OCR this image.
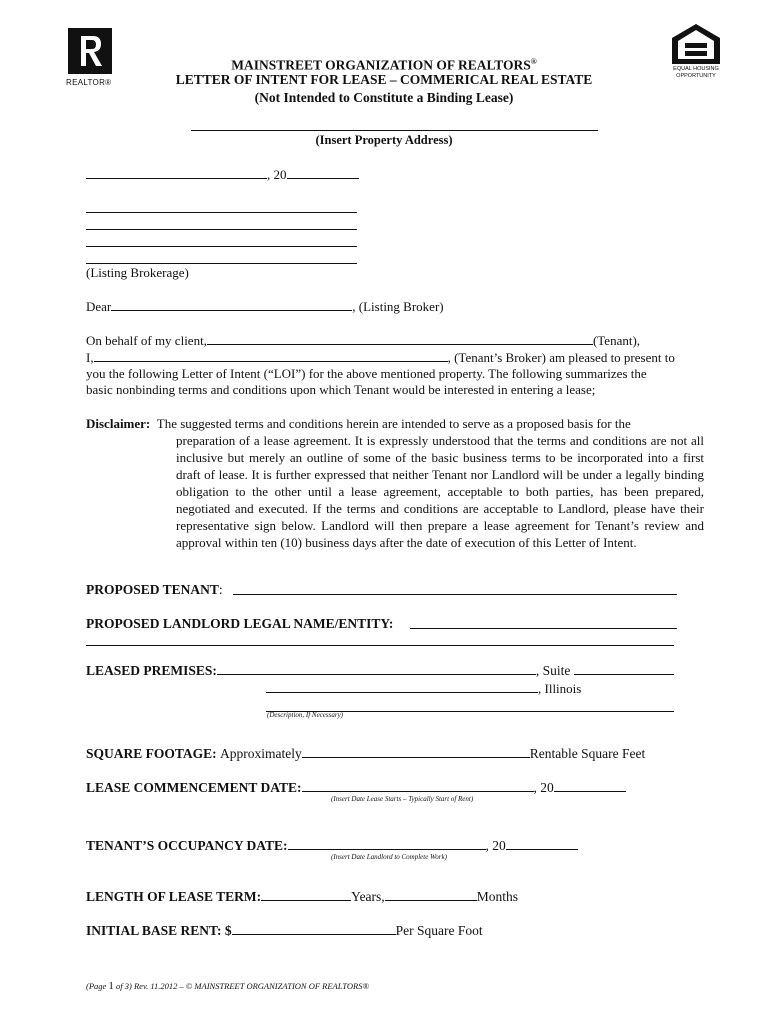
REALTOR®
EQUAL HOUSING
OPPORTUNITY
MAINSTREET ORGANIZATION OF REALTORS®
LETTER OF INTENT FOR LEASE – COMMERICAL REAL ESTATE
(Not Intended to Constitute a Binding Lease)
(Insert Property Address)
, 20
(Listing Brokerage)
Dear	, (Listing Broker)
On behalf of my client,	(Tenant),
I,	, (Tenant’s Broker) am pleased to present to
you the following Letter of Intent (“LOI”) for the above mentioned property. The following summarizes the
basic nonbinding terms and conditions upon which Tenant would be interested in entering a lease;
Disclaimer: The suggested terms and conditions herein are intended to serve as a proposed basis for the
preparation of a lease agreement. It is expressly understood that the terms and conditions are not all inclusive but merely an outline of some of the basic business terms to be incorporated into a first draft of lease. It is further expressed that neither Tenant nor Landlord will be under a legally binding obligation to the other until a lease agreement, acceptable to both parties, has been prepared, negotiated and executed. If the terms and conditions are acceptable to Landlord, please have their representative sign below. Landlord will then prepare a lease agreement for Tenant’s review and approval within ten (10) business days after the date of execution of this Letter of Intent.
PROPOSED TENANT:
PROPOSED LANDLORD LEGAL NAME/ENTITY:
LEASED PREMISES:	, Suite
, Illinois
(Description, If Necessary)
SQUARE FOOTAGE: Approximately	Rentable Square Feet
LEASE COMMENCEMENT DATE:	, 20
(Insert Date Lease Starts – Typically Start of Rent)
TENANT’S OCCUPANCY DATE:	, 20
(Insert Date Landlord to Complete Work)
LENGTH OF LEASE TERM:	Years,	Months
INITIAL BASE RENT: $	Per Square Foot
(Page 1 of 3) Rev. 11.2012 – © MAINSTREET ORGANIZATION OF REALTORS®
